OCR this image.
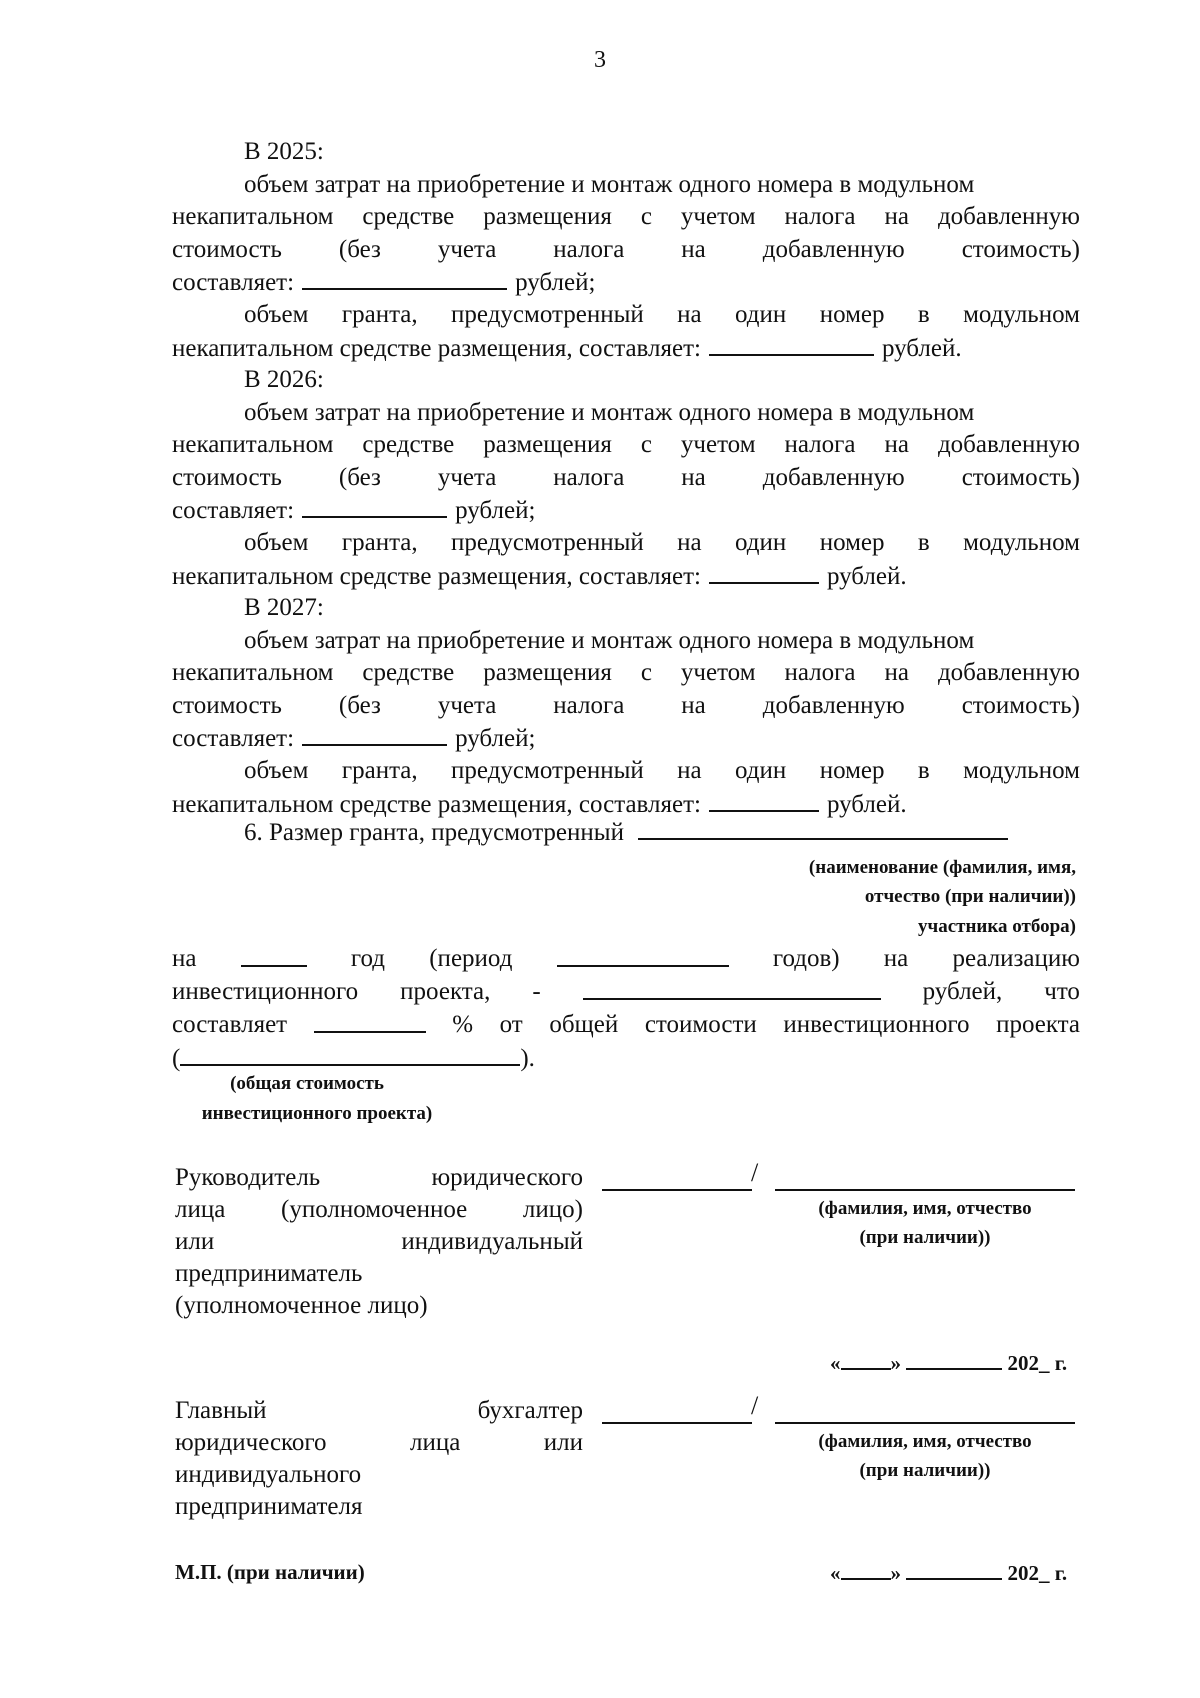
3
В 2025:
объем затрат на приобретение и монтаж одного номера в модульном
некапитальном средстве размещения с учетом налога на добавленную
стоимость (без учета налога на добавленную стоимость)
составляет:	рублей;
объем гранта, предусмотренный на один номер в модульном
некапитальном средстве размещения, составляет:	рублей.
В 2026:
объем затрат на приобретение и монтаж одного номера в модульном
некапитальном средстве размещения с учетом налога на добавленную
стоимость (без учета налога на добавленную стоимость)
составляет:	рублей;
объем гранта, предусмотренный на один номер в модульном
некапитальном средстве размещения, составляет:	рублей.
В 2027:
объем затрат на приобретение и монтаж одного номера в модульном
некапитальном средстве размещения с учетом налога на добавленную
стоимость (без учета налога на добавленную стоимость)
составляет:	рублей;
объем гранта, предусмотренный на один номер в модульном
некапитальном средстве размещения, составляет:	рублей.
6. Размер гранта, предусмотренный
(наименование (фамилия, имя,
отчество (при наличии))
участника отбора)
на	год (период	годов) на реализацию
инвестиционного проекта, -	рублей, что
составляет	% от общей стоимости инвестиционного проекта
(	).
(общая стоимость
инвестиционного проекта)
Руководитель	юридического
лица (уполномоченное лицо)
или	индивидуальный
предприниматель
(уполномоченное лицо)
/
(фамилия, имя, отчество
(при наличии))
« »	202_ г.
Главный	бухгалтер
юридического	лица	или
индивидуального
предпринимателя
/
(фамилия, имя, отчество
(при наличии))
М.П. (при наличии)	« »	202_ г.
